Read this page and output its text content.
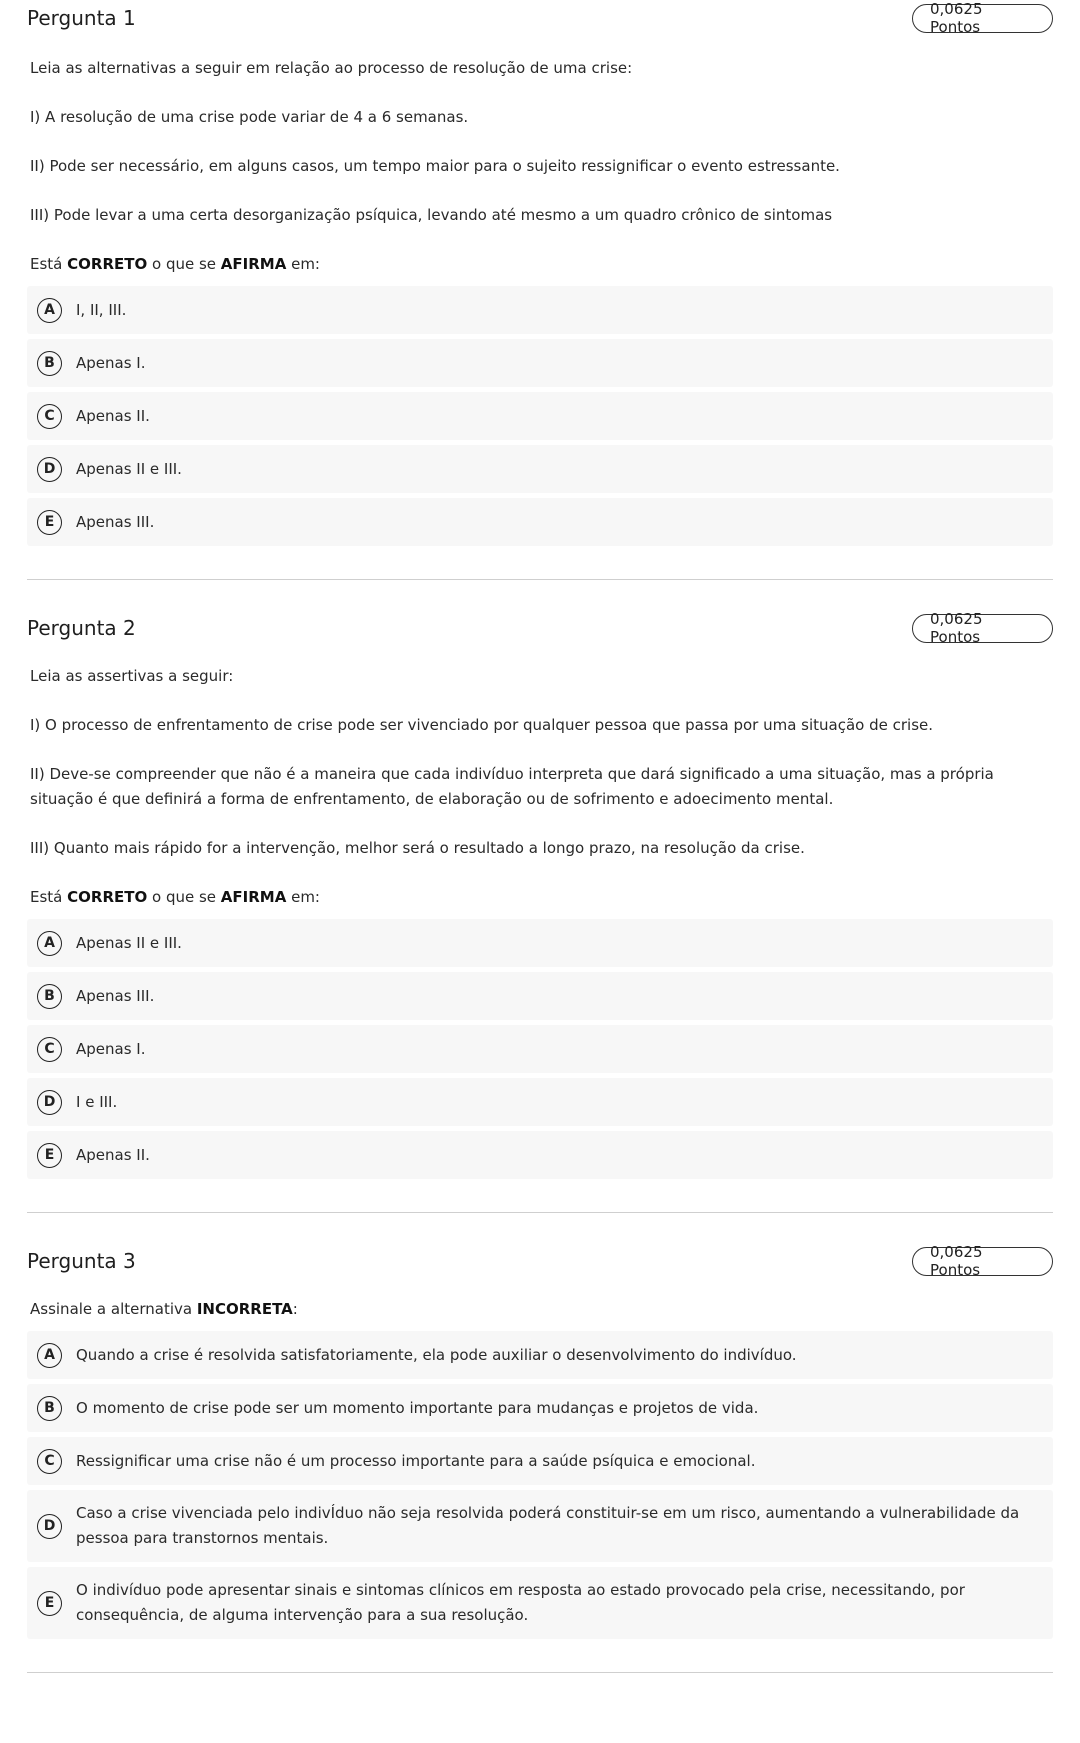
Pergunta 1	0,0625 Pontos

Leia as alternativas a seguir em relação ao processo de resolução de uma crise:

I) A resolução de uma crise pode variar de 4 a 6 semanas.

II) Pode ser necessário, em alguns casos, um tempo maior para o sujeito ressignificar o evento estressante.

III) Pode levar a uma certa desorganização psíquica, levando até mesmo a um quadro crônico de sintomas

Está CORRETO o que se AFIRMA em:

A	I, II, III.
B	Apenas I.
C	Apenas II.
D	Apenas II e III.
E	Apenas III.
Pergunta 2	0,0625 Pontos

Leia as assertivas a seguir:

I) O processo de enfrentamento de crise pode ser vivenciado por qualquer pessoa que passa por uma situação de crise.

II) Deve-se compreender que não é a maneira que cada indivíduo interpreta que dará significado a uma situação, mas a própria situação é que definirá a forma de enfrentamento, de elaboração ou de sofrimento e adoecimento mental.

III) Quanto mais rápido for a intervenção, melhor será o resultado a longo prazo, na resolução da crise.

Está CORRETO o que se AFIRMA em:

A	Apenas II e III.
B	Apenas III.
C	Apenas I.
D	I e III.
E	Apenas II.
Pergunta 3	0,0625 Pontos

Assinale a alternativa INCORRETA:

A	Quando a crise é resolvida satisfatoriamente, ela pode auxiliar o desenvolvimento do indivíduo.
B	O momento de crise pode ser um momento importante para mudanças e projetos de vida.
C	Ressignificar uma crise não é um processo importante para a saúde psíquica e emocional.
D
Caso a crise vivenciada pelo indivÍduo não seja resolvida poderá constituir-se em um risco, aumentando a vulnerabilidade da pessoa para transtornos mentais.
E
O indivíduo pode apresentar sinais e sintomas clínicos em resposta ao estado provocado pela crise, necessitando, por consequência, de alguma intervenção para a sua resolução.
